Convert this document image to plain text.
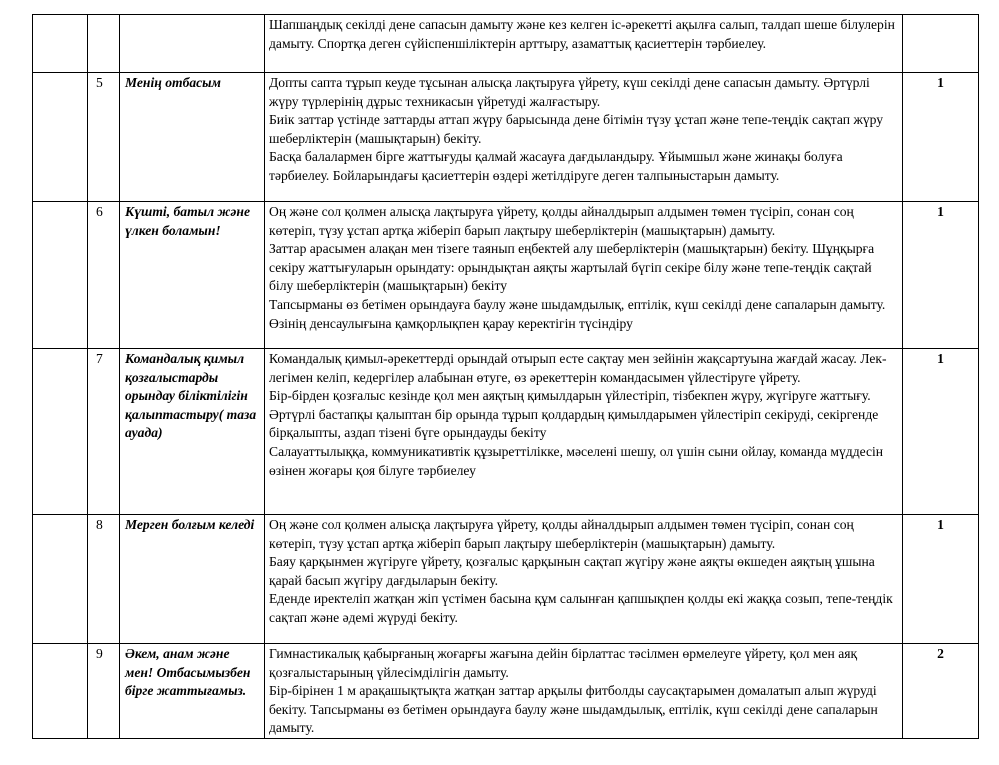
			Шапшаңдық секілді дене сапасын дамыту және кез келген іс-әрекетті ақылға салып, талдап шеше білулерін дамыту. Спортқа деген сүйіспеншіліктерін арттыру, азаматтық қасиеттерін тәрбиелеу.	
	5	Менің отбасым	Допты сапта тұрып кеуде тұсынан алысқа лақтыруға үйрету, күш секілді дене сапасын дамыту. Әртүрлі жүру түрлерінің дұрыс техникасын үйретуді жалғастыру.
Биік заттар үстінде заттарды аттап жүру барысында дене бітімін түзу ұстап және тепе-теңдік сақтап жүру шеберліктерін (машықтарын) бекіту.
Басқа балалармен бірге жаттығуды қалмай жасауға дағдыландыру. Ұйымшыл және жинақы болуға тәрбиелеу. Бойларындағы қасиеттерін өздері жетілдіруге деген талпыныстарын дамыту.	1
	6	Күшті, батыл және үлкен боламын!	Оң және сол қолмен алысқа лақтыруға үйрету, қолды айналдырып алдымен төмен түсіріп, сонан соң көтеріп, түзу ұстап артқа жіберіп барып лақтыру шеберліктерін (машықтарын) дамыту.
Заттар арасымен алақан мен тізеге таянып еңбектей алу шеберліктерін (машықтарын) бекіту. Шұңқырға секіру жаттығуларын орындату: орындықтан аяқты жартылай бүгіп секіре білу және тепе-теңдік сақтай білу шеберліктерін (машықтарын) бекіту
Тапсырманы өз бетімен орындауға баулу және шыдамдылық, ептілік, күш секілді дене сапаларын дамыту. Өзінің денсаулығына қамқорлықпен қарау керектігін түсіндіру	1
	7	Командалық қимыл қозғалыстарды орындау біліктілігін қалыптастыру( таза ауада)	Командалық қимыл-әрекеттерді орындай отырып есте сақтау мен зейінін жақсартуына жағдай жасау. Лек-легімен келіп, кедергілер алабынан өтуге, өз әрекеттерін командасымен үйлестіруге үйрету.
Бір-бірден қозғалыс кезінде қол мен аяқтың қимылдарын үйлестіріп, тізбекпен жүру, жүгіруге жаттығу. Әртүрлі бастапқы қалыптан бір орында тұрып қолдардың қимылдарымен үйлестіріп секіруді, секіргенде бірқалыпты, аздап тізені бүге орындауды бекіту
Салауаттылыққа, коммуникативтік құзыреттілікке, мәселені шешу, ол үшін сыни ойлау, команда мүддесін өзінен жоғары қоя білуге тәрбиелеу	1
	8	Мерген болғым келеді	Оң және сол қолмен алысқа лақтыруға үйрету, қолды айналдырып алдымен төмен түсіріп, сонан соң көтеріп, түзу ұстап артқа жіберіп барып лақтыру шеберліктерін (машықтарын) дамыту.
Баяу қарқынмен жүгіруге үйрету, қозғалыс қарқынын сақтап жүгіру және аяқты өкшеден аяқтың ұшына қарай басып жүгіру дағдыларын бекіту.
Еденде иректеліп жатқан жіп үстімен басына құм салынған қапшықпен қолды екі жаққа созып, тепе-теңдік сақтап және әдемі жүруді бекіту.	1
	9	Әкем, анам және мен! Отбасымызбен бірге жаттығамыз.	Гимнастикалық қабырғаның жоғарғы жағына дейін бірлаттас тәсілмен өрмелеуге үйрету, қол мен аяқ қозғалыстарының үйлесімділігін дамыту.
Бір-бірінен 1 м арақашықтықта жатқан заттар арқылы фитболды саусақтарымен домалатып алып жүруді бекіту. Тапсырманы өз бетімен орындауға баулу және шыдамдылық, ептілік, күш секілді дене сапаларын дамыту.	2
